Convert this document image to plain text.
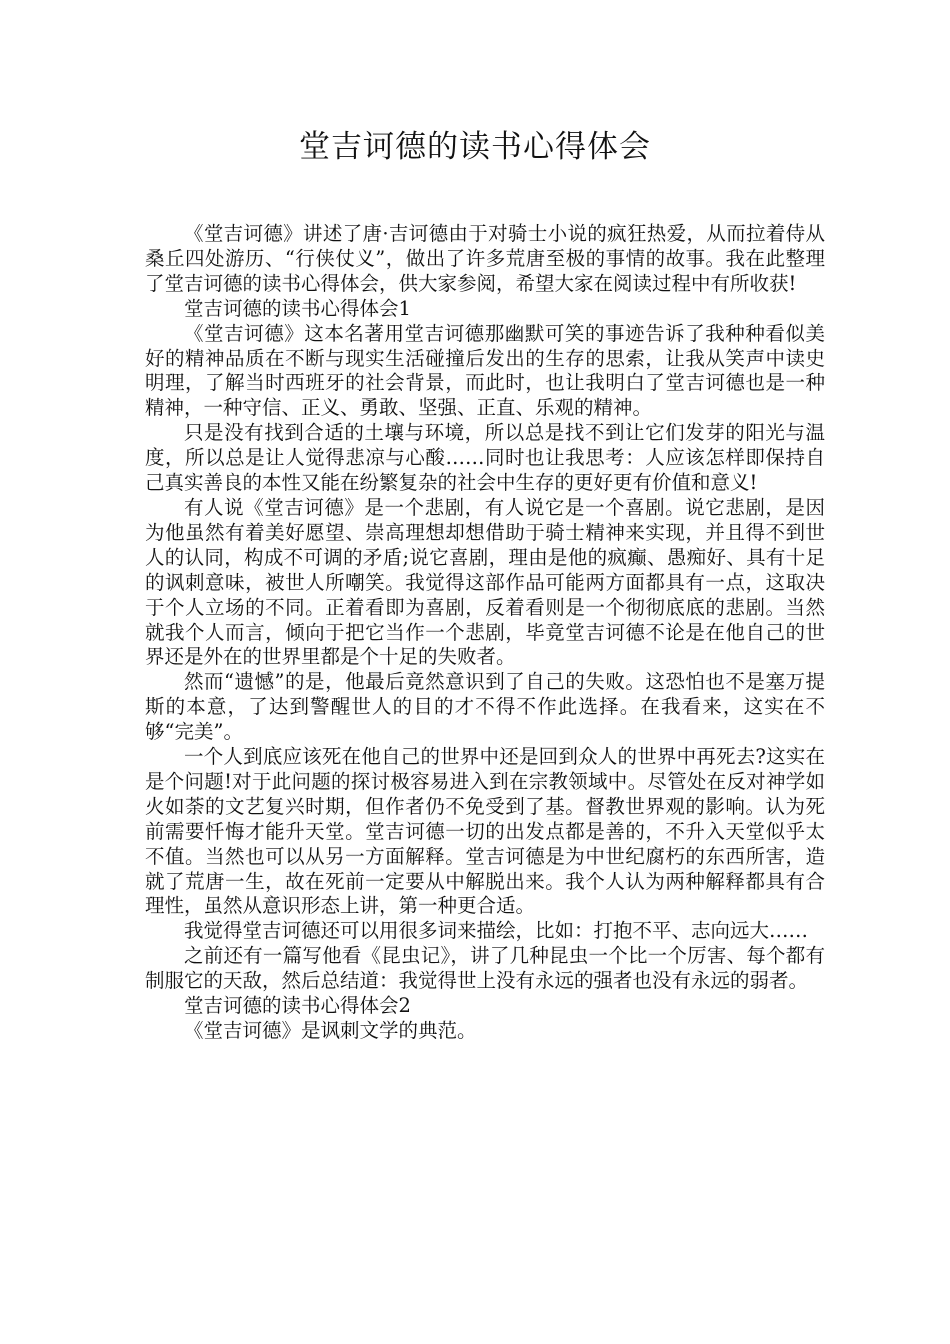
堂吉诃德的读书心得体会

《堂吉诃德》讲述了唐·吉诃德由于对骑士小说的疯狂热爱，从而拉着侍从桑丘四处游历、“行侠仗义”，做出了许多荒唐至极的事情的故事。我在此整理了堂吉诃德的读书心得体会，供大家参阅，希望大家在阅读过程中有所收获!

堂吉诃德的读书心得体会1

《堂吉诃德》这本名著用堂吉诃德那幽默可笑的事迹告诉了我种种看似美好的精神品质在不断与现实生活碰撞后发出的生存的思索，让我从笑声中读史明理，了解当时西班牙的社会背景，而此时，也让我明白了堂吉诃德也是一种精神，一种守信、正义、勇敢、坚强、正直、乐观的精神。

只是没有找到合适的土壤与环境，所以总是找不到让它们发芽的阳光与温度，所以总是让人觉得悲凉与心酸……同时也让我思考：人应该怎样即保持自己真实善良的本性又能在纷繁复杂的社会中生存的更好更有价值和意义!

有人说《堂吉诃德》是一个悲剧，有人说它是一个喜剧。说它悲剧，是因为他虽然有着美好愿望、崇高理想却想借助于骑士精神来实现，并且得不到世人的认同，构成不可调的矛盾;说它喜剧，理由是他的疯癫、愚痴好、具有十足的讽刺意味，被世人所嘲笑。我觉得这部作品可能两方面都具有一点，这取决于个人立场的不同。正着看即为喜剧，反着看则是一个彻彻底底的悲剧。当然就我个人而言，倾向于把它当作一个悲剧，毕竟堂吉诃德不论是在他自己的世界还是外在的世界里都是个十足的失败者。

然而“遗憾”的是，他最后竟然意识到了自己的失败。这恐怕也不是塞万提斯的本意，了达到警醒世人的目的才不得不作此选择。在我看来，这实在不够“完美”。

一个人到底应该死在他自己的世界中还是回到众人的世界中再死去?这实在是个问题!对于此问题的探讨极容易进入到在宗教领域中。尽管处在反对神学如火如荼的文艺复兴时期，但作者仍不免受到了基。督教世界观的影响。认为死前需要忏悔才能升天堂。堂吉诃德一切的出发点都是善的，不升入天堂似乎太不值。当然也可以从另一方面解释。堂吉诃德是为中世纪腐朽的东西所害，造就了荒唐一生，故在死前一定要从中解脱出来。我个人认为两种解释都具有合理性，虽然从意识形态上讲，第一种更合适。

我觉得堂吉诃德还可以用很多词来描绘，比如：打抱不平、志向远大……

之前还有一篇写他看《昆虫记》，讲了几种昆虫一个比一个厉害、每个都有制服它的天敌，然后总结道：我觉得世上没有永远的强者也没有永远的弱者。

堂吉诃德的读书心得体会2

《堂吉诃德》是讽刺文学的典范。
